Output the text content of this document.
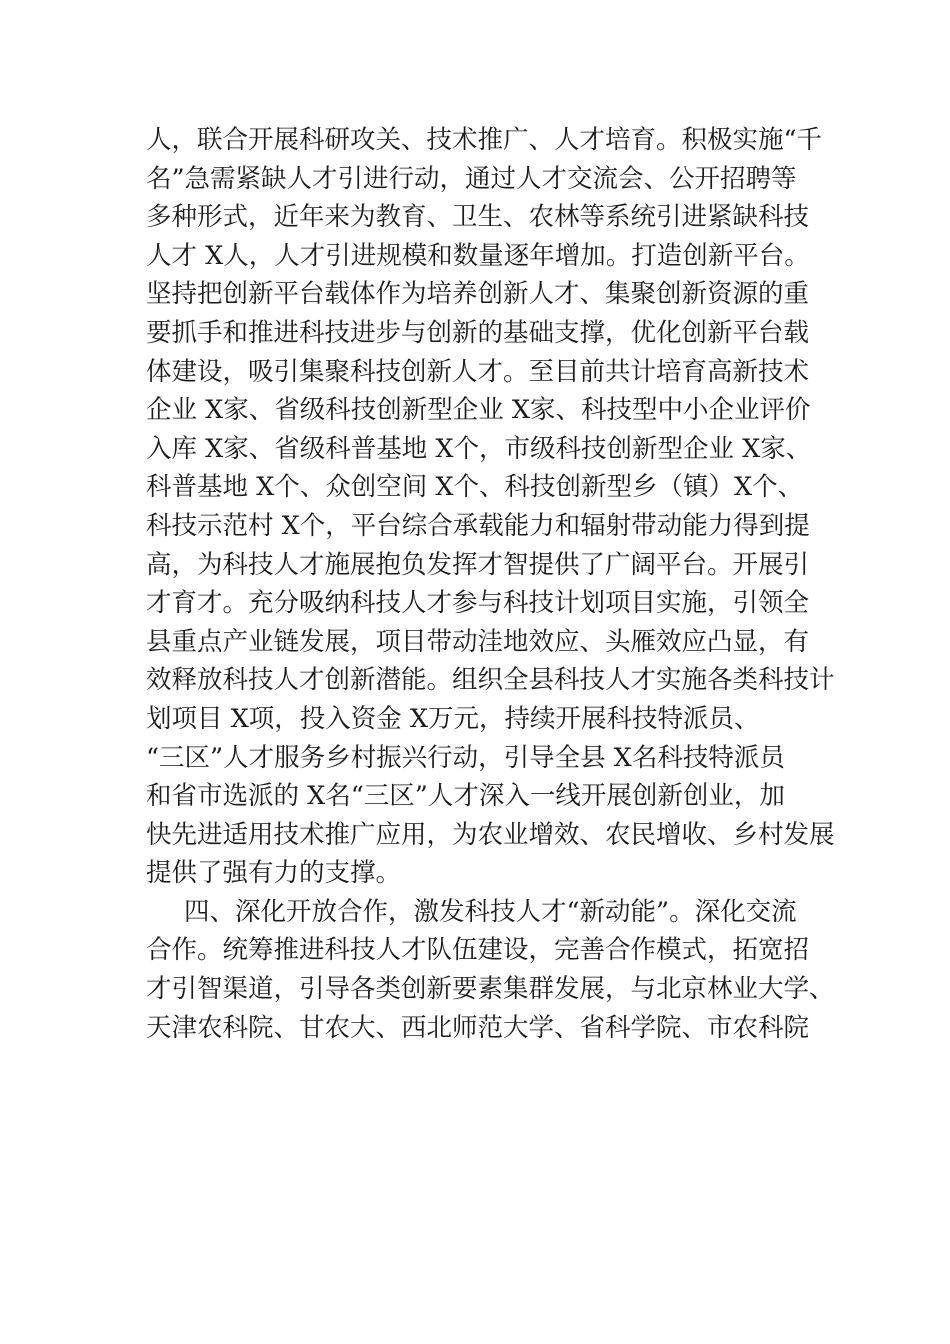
人，联合开展科研攻关、技术推广、人才培育。积极实施“千
名”急需紧缺人才引进行动，通过人才交流会、公开招聘等
多种形式，近年来为教育、卫生、农林等系统引进紧缺科技
人才 X人，人才引进规模和数量逐年增加。打造创新平台。
坚持把创新平台载体作为培养创新人才、集聚创新资源的重
要抓手和推进科技进步与创新的基础支撑，优化创新平台载
体建设，吸引集聚科技创新人才。至目前共计培育高新技术
企业 X家、省级科技创新型企业 X家、科技型中小企业评价
入库 X家、省级科普基地 X个，市级科技创新型企业 X家、
科普基地 X个、众创空间 X个、科技创新型乡（镇）X个、
科技示范村 X个，平台综合承载能力和辐射带动能力得到提
高，为科技人才施展抱负发挥才智提供了广阔平台。开展引
才育才。充分吸纳科技人才参与科技计划项目实施，引领全
县重点产业链发展，项目带动洼地效应、头雁效应凸显，有
效释放科技人才创新潜能。组织全县科技人才实施各类科技计
划项目 X项，投入资金 X万元，持续开展科技特派员、
“三区”人才服务乡村振兴行动，引导全县 X名科技特派员
和省市选派的 X名“三区”人才深入一线开展创新创业，加
快先进适用技术推广应用，为农业增效、农民增收、乡村发展
提供了强有力的支撑。
四、深化开放合作，激发科技人才“新动能”。深化交流
合作。统筹推进科技人才队伍建设，完善合作模式，拓宽招
才引智渠道，引导各类创新要素集群发展，与北京林业大学、
天津农科院、甘农大、西北师范大学、省科学院、市农科院
